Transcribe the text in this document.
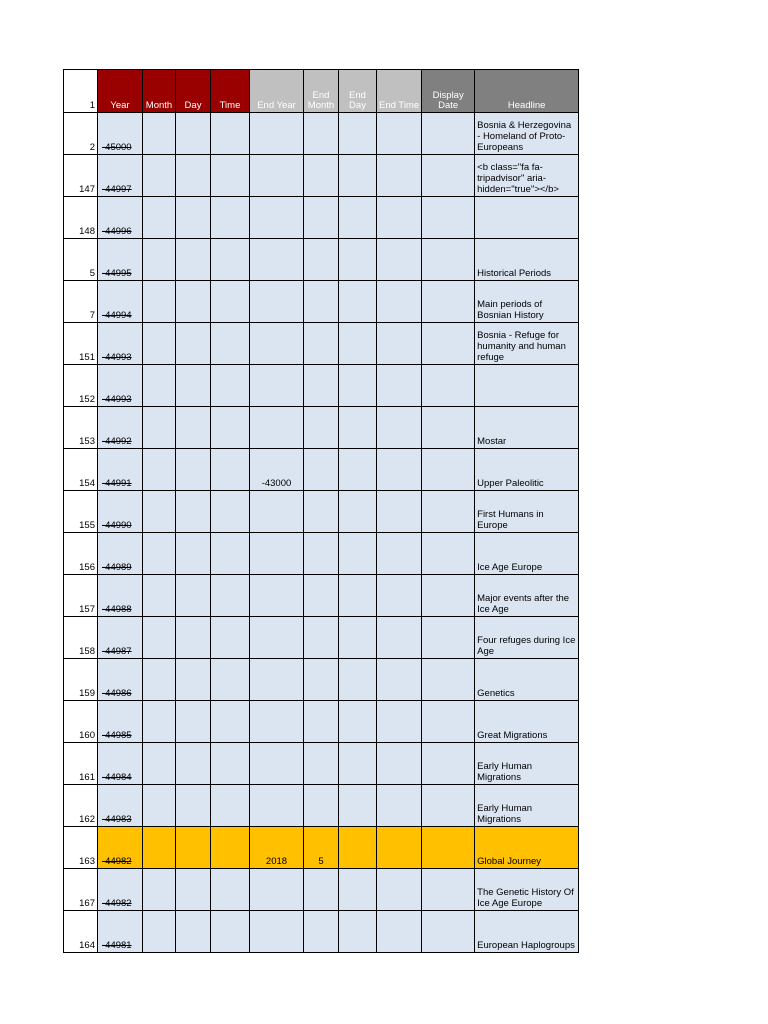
1	Year	Month	Day	Time	End Year	End Month	End Day	End Time	Display Date	Headline
2	-45000									Bosnia & Herzegovina - Homeland of Proto-Europeans
147	-44997									<b class="fa fa-tripadvisor" aria-hidden="true"></b>
148	-44996									
5	-44995									Historical Periods
7	-44994									Main periods of Bosnian History
151	-44993									Bosnia - Refuge for humanity and human refuge
152	-44993									
153	-44992									Mostar
154	-44991				-43000					Upper Paleolitic
155	-44990									First Humans in Europe
156	-44989									Ice Age Europe
157	-44988									Major events after the Ice Age
158	-44987									Four refuges during Ice Age
159	-44986									Genetics
160	-44985									Great Migrations
161	-44984									Early Human Migrations
162	-44983									Early Human Migrations
163	-44982				2018	5				Global Journey
167	-44982									The Genetic History Of Ice Age Europe
164	-44981									European Haplogroups
